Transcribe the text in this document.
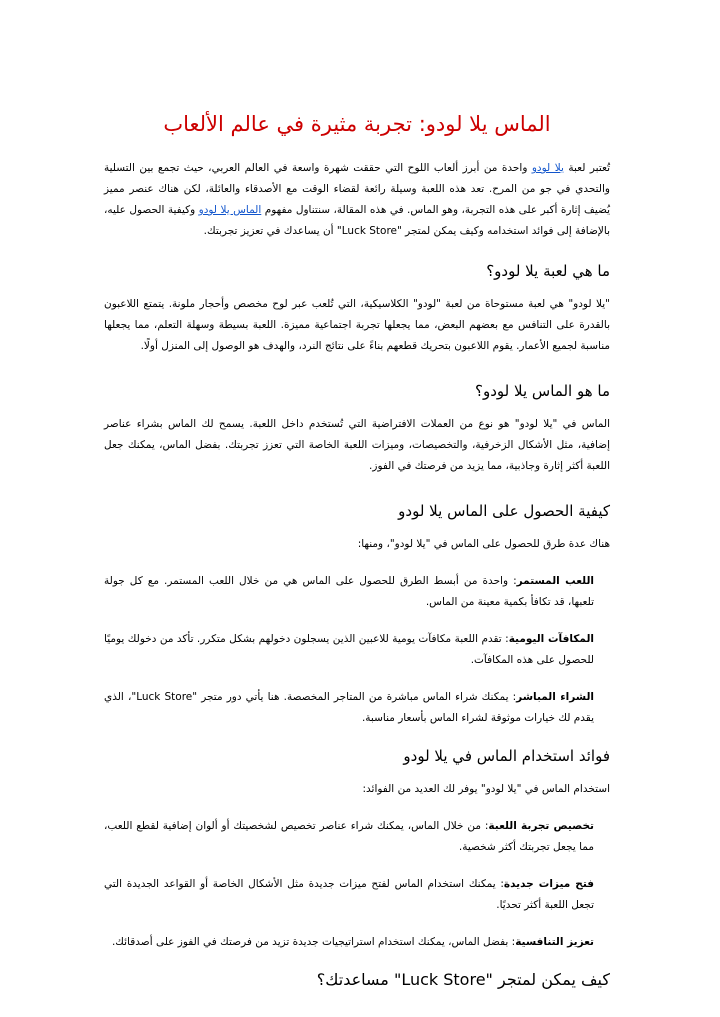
الماس يلا لودو: تجربة مثيرة في عالم الألعاب

تُعتبر لعبة يلا لودو واحدة من أبرز ألعاب اللوح التي حققت شهرة واسعة في العالم العربي، حيث تجمع بين التسلية والتحدي في جو من المرح. تعد هذه اللعبة وسيلة رائعة لقضاء الوقت مع الأصدقاء والعائلة، لكن هناك عنصر مميز يُضيف إثارة أكبر على هذه التجربة، وهو الماس. في هذه المقالة، سنتناول مفهوم الماس يلا لودو وكيفية الحصول عليه، بالإضافة إلى فوائد استخدامه وكيف يمكن لمتجر "Luck Store" أن يساعدك في تعزيز تجربتك.

ما هي لعبة يلا لودو؟

"يلا لودو" هي لعبة مستوحاة من لعبة "لودو" الكلاسيكية، التي تُلعب عبر لوح مخصص وأحجار ملونة. يتمتع اللاعبون بالقدرة على التنافس مع بعضهم البعض، مما يجعلها تجربة اجتماعية مميزة. اللعبة بسيطة وسهلة التعلم، مما يجعلها مناسبة لجميع الأعمار. يقوم اللاعبون بتحريك قطعهم بناءً على نتائج النرد، والهدف هو الوصول إلى المنزل أولًا.

ما هو الماس يلا لودو؟

الماس في "يلا لودو" هو نوع من العملات الافتراضية التي تُستخدم داخل اللعبة. يسمح لك الماس بشراء عناصر إضافية، مثل الأشكال الزخرفية، والتخصيصات، وميزات اللعبة الخاصة التي تعزز تجربتك. بفضل الماس، يمكنك جعل اللعبة أكثر إثارة وجاذبية، مما يزيد من فرصتك في الفوز.

كيفية الحصول على الماس يلا لودو

هناك عدة طرق للحصول على الماس في "يلا لودو"، ومنها:

اللعب المستمر: واحدة من أبسط الطرق للحصول على الماس هي من خلال اللعب المستمر. مع كل جولة تلعبها، قد تكافأ بكمية معينة من الماس.
المكافآت اليومية: تقدم اللعبة مكافآت يومية للاعبين الذين يسجلون دخولهم بشكل متكرر. تأكد من دخولك يوميًا للحصول على هذه المكافآت.
الشراء المباشر: يمكنك شراء الماس مباشرة من المتاجر المخصصة. هنا يأتي دور متجر "Luck Store"، الذي يقدم لك خيارات موثوقة لشراء الماس بأسعار مناسبة.
فوائد استخدام الماس في يلا لودو

استخدام الماس في "يلا لودو" يوفر لك العديد من الفوائد:

تخصيص تجربة اللعبة: من خلال الماس، يمكنك شراء عناصر تخصيص لشخصيتك أو ألوان إضافية لقطع اللعب، مما يجعل تجربتك أكثر شخصية.
فتح ميزات جديدة: يمكنك استخدام الماس لفتح ميزات جديدة مثل الأشكال الخاصة أو القواعد الجديدة التي تجعل اللعبة أكثر تحديًا.
تعزيز التنافسية: بفضل الماس، يمكنك استخدام استراتيجيات جديدة تزيد من فرصتك في الفوز على أصدقائك.
كيف يمكن لمتجر "Luck Store" مساعدتك؟
